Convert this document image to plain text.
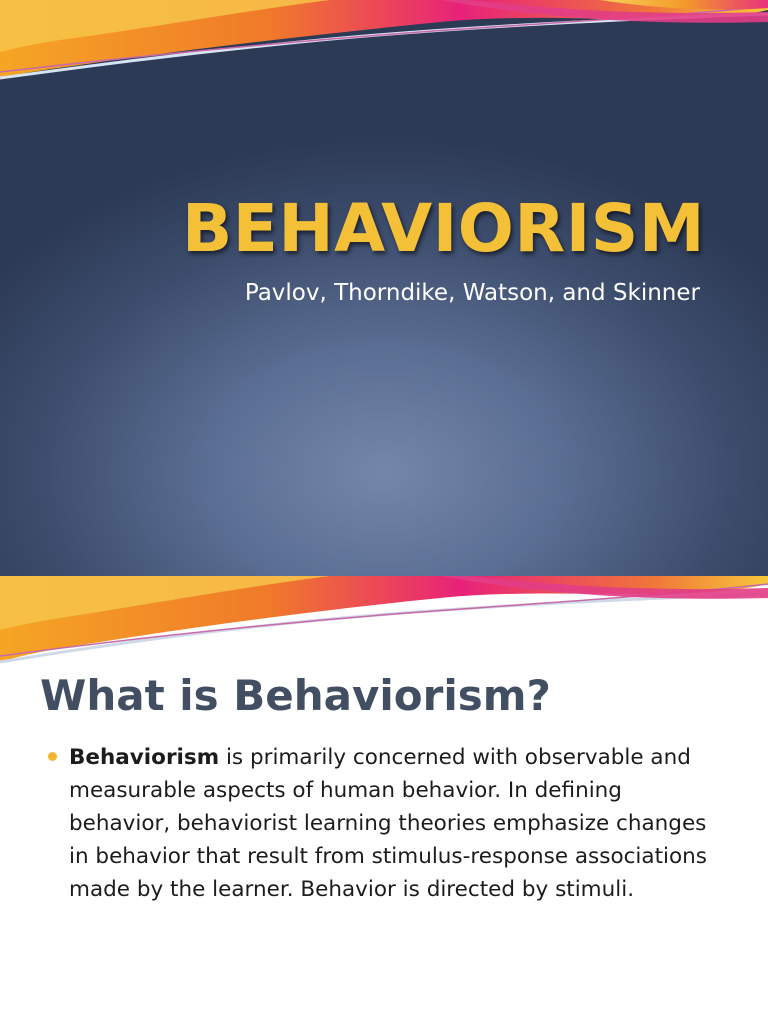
BEHAVIORISM
Pavlov, Thorndike, Watson, and Skinner
What is Behaviorism?
Behaviorism is primarily concerned with observable and measurable aspects of human behavior. In defining behavior, behaviorist learning theories emphasize changes in behavior that result from stimulus-response associations made by the learner. Behavior is directed by stimuli.
